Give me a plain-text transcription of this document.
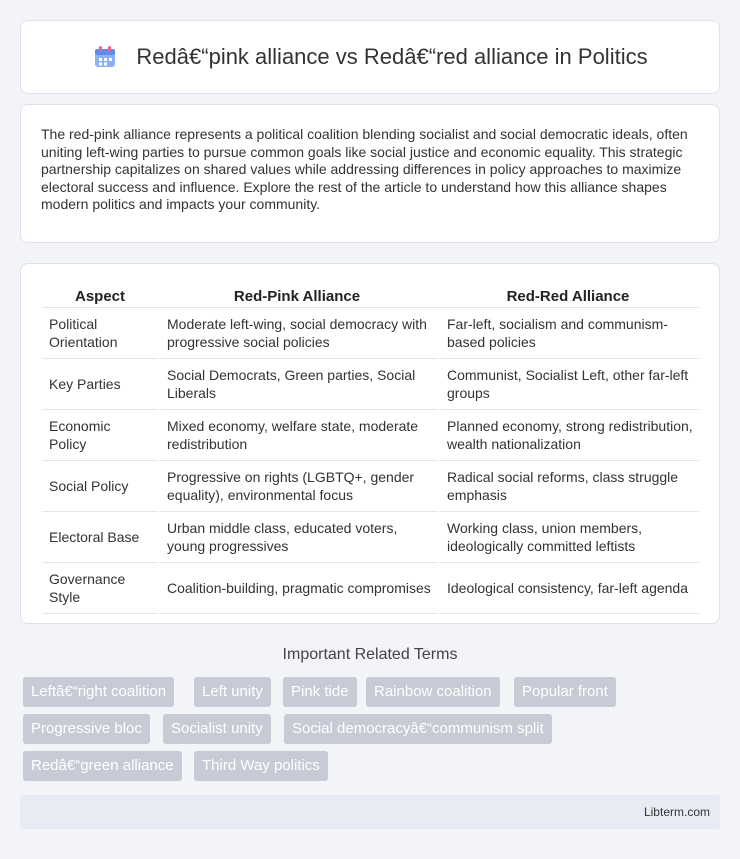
Redâ€“pink alliance vs Redâ€“red alliance in Politics

The red-pink alliance represents a political coalition blending socialist and social democratic ideals, often uniting left-wing parties to pursue common goals like social justice and economic equality. This strategic partnership capitalizes on shared values while addressing differences in policy approaches to maximize electoral success and influence. Explore the rest of the article to understand how this alliance shapes modern politics and impacts your community.

Aspect	Red-Pink Alliance	Red-Red Alliance
Political Orientation	Moderate left-wing, social democracy with progressive social policies	Far-left, socialism and communism-based policies
Key Parties	Social Democrats, Green parties, Social Liberals	Communist, Socialist Left, other far-left groups
Economic Policy	Mixed economy, welfare state, moderate redistribution	Planned economy, strong redistribution, wealth nationalization
Social Policy	Progressive on rights (LGBTQ+, gender equality), environmental focus	Radical social reforms, class struggle emphasis
Electoral Base	Urban middle class, educated voters, young progressives	Working class, union members, ideologically committed leftists
Governance Style	Coalition-building, pragmatic compromises	Ideological consistency, far-left agenda
Important Related Terms
Leftâ€“right coalition	Left unity	Pink tide	Rainbow coalition	Popular front
Progressive bloc	Socialist unity	Social democracyâ€“communism split
Redâ€“green alliance	Third Way politics
Libterm.com
